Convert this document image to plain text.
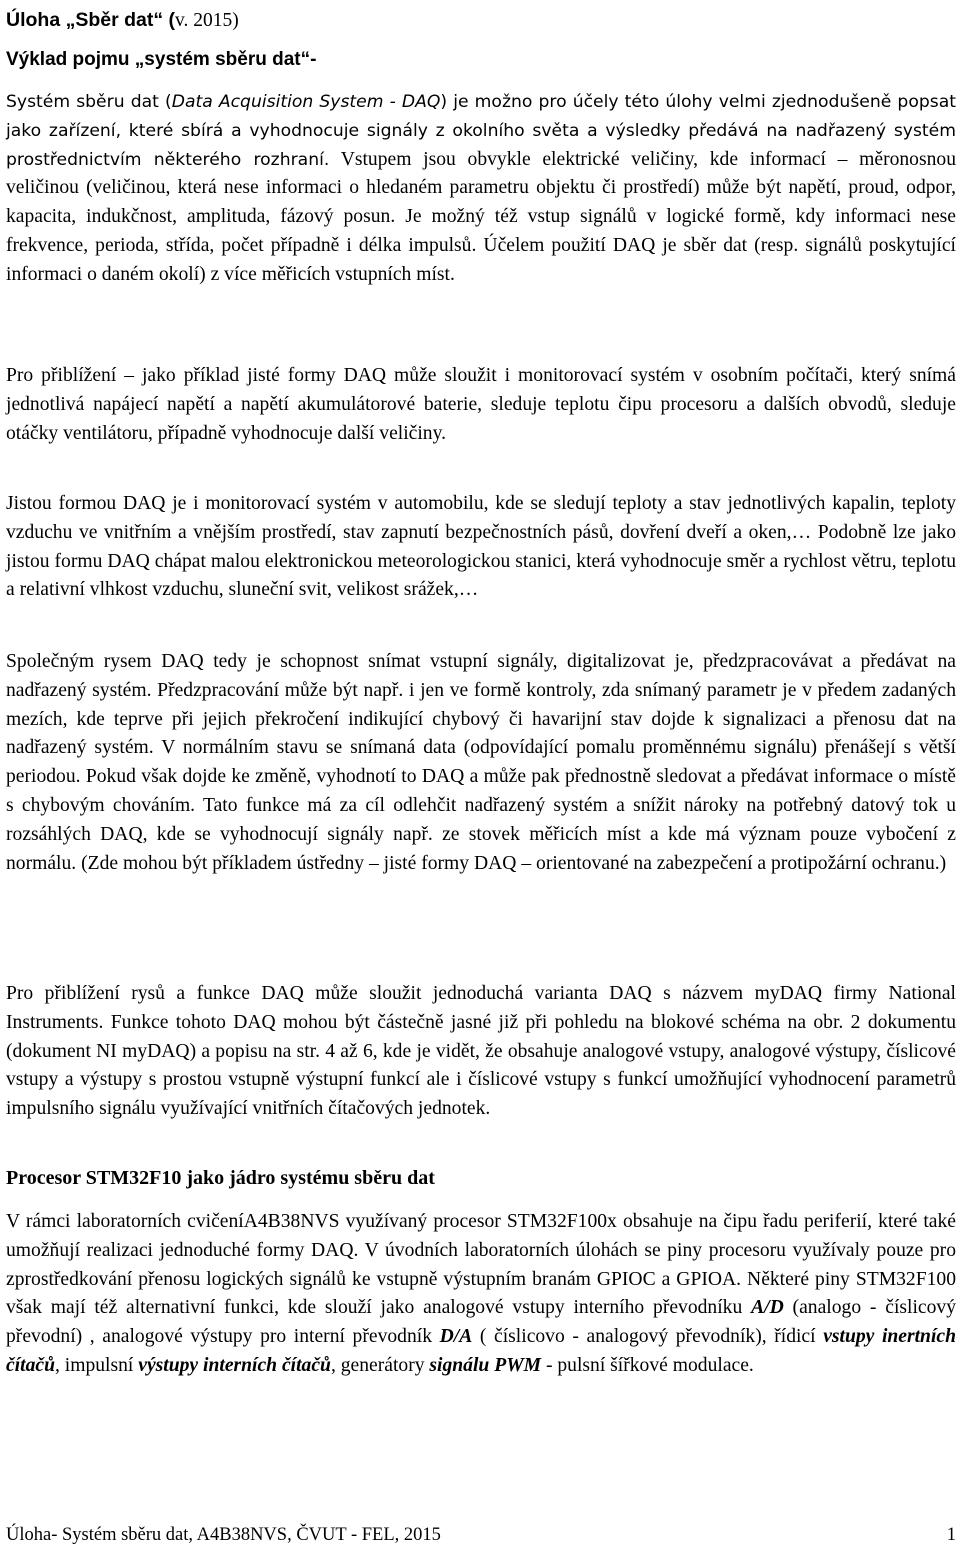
Úloha „Sběr dat“ (v. 2015)
Výklad pojmu „systém sběru dat“-

Systém sběru dat (Data Acquisition System - DAQ) je možno pro účely této úlohy velmi zjednodušeně popsat jako zařízení, které sbírá a vyhodnocuje signály z okolního světa a výsledky předává na nadřazený systém prostřednictvím některého rozhraní. Vstupem jsou obvykle elektrické veličiny, kde informací – měronosnou veličinou (veličinou, která nese informaci o hledaném parametru objektu či prostředí) může být napětí, proud, odpor, kapacita, indukčnost, amplituda, fázový posun. Je možný též vstup signálů v logické formě, kdy informaci nese frekvence, perioda, střída, počet případně i délka impulsů. Účelem použití DAQ je sběr dat (resp. signálů poskytující informaci o daném okolí) z více měřicích vstupních míst.

Pro přiblížení – jako příklad jisté formy DAQ může sloužit i monitorovací systém v osobním počítači, který snímá jednotlivá napájecí napětí a napětí akumulátorové baterie, sleduje teplotu čipu procesoru a dalších obvodů, sleduje otáčky ventilátoru, případně vyhodnocuje další veličiny.

Jistou formou DAQ je i monitorovací systém v automobilu, kde se sledují teploty a stav jednotlivých kapalin, teploty vzduchu ve vnitřním a vnějším prostředí, stav zapnutí bezpečnostních pásů, dovření dveří a oken,… Podobně lze jako jistou formu DAQ chápat malou elektronickou meteorologickou stanici, která vyhodnocuje směr a rychlost větru, teplotu a relativní vlhkost vzduchu, sluneční svit, velikost srážek,…

Společným rysem DAQ tedy je schopnost snímat vstupní signály, digitalizovat je, předzpracovávat a předávat na nadřazený systém. Předzpracování může být např. i jen ve formě kontroly, zda snímaný parametr je v předem zadaných mezích, kde teprve při jejich překročení indikující chybový či havarijní stav dojde k signalizaci a přenosu dat na nadřazený systém. V normálním stavu se snímaná data (odpovídající pomalu proměnnému signálu) přenášejí s větší periodou. Pokud však dojde ke změně, vyhodnotí to DAQ a může pak přednostně sledovat a předávat informace o místě s chybovým chováním. Tato funkce má za cíl odlehčit nadřazený systém a snížit nároky na potřebný datový tok u rozsáhlých DAQ, kde se vyhodnocují signály např. ze stovek měřicích míst a kde má význam pouze vybočení z normálu. (Zde mohou být příkladem ústředny – jisté formy DAQ – orientované na zabezpečení a protipožární ochranu.)

Pro přiblížení rysů a funkce DAQ může sloužit jednoduchá varianta DAQ s názvem myDAQ firmy National Instruments. Funkce tohoto DAQ mohou být částečně jasné již při pohledu na blokové schéma na obr. 2 dokumentu (dokument NI myDAQ) a popisu na str. 4 až 6, kde je vidět, že obsahuje analogové vstupy, analogové výstupy, číslicové vstupy a výstupy s prostou vstupně výstupní funkcí ale i číslicové vstupy s funkcí umožňující vyhodnocení parametrů impulsního signálu využívající vnitřních čítačových jednotek.

Procesor STM32F10 jako jádro systému sběru dat

V rámci laboratorních cvičeníA4B38NVS využívaný procesor STM32F100x obsahuje na čipu řadu periferií, které také umožňují realizaci jednoduché formy DAQ. V úvodních laboratorních úlohách se piny procesoru využívaly pouze pro zprostředkování přenosu logických signálů ke vstupně výstupním branám GPIOC a GPIOA. Některé piny STM32F100 však mají též alternativní funkci, kde slouží jako analogové vstupy interního převodníku A/D (analogo - číslicový převodní) , analogové výstupy pro interní převodník D/A ( číslicovo - analogový převodník), řídicí vstupy inertních čítačů, impulsní výstupy interních čítačů, generátory signálu PWM - pulsní šířkové modulace.

Úloha- Systém sběru dat, A4B38NVS, ČVUT - FEL, 2015	1
